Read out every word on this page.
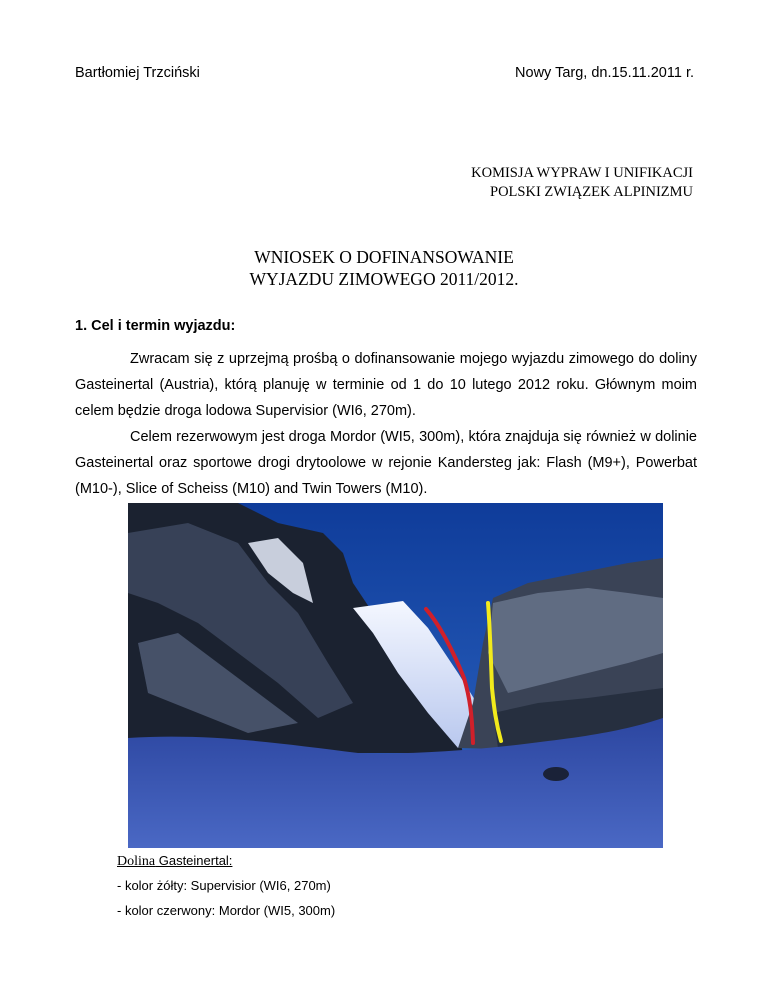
Bartłomiej Trzciński	Nowy Targ, dn.15.11.2011 r.
KOMISJA WYPRAW I UNIFIKACJI
POLSKI ZWIĄZEK ALPINIZMU
WNIOSEK O DOFINANSOWANIE
WYJAZDU ZIMOWEGO 2011/2012.
1. Cel i termin wyjazdu:
Zwracam się z uprzejmą prośbą o dofinansowanie mojego wyjazdu zimowego do doliny Gasteinertal (Austria), którą planuję w terminie od 1 do 10 lutego 2012 roku. Głównym moim celem będzie droga lodowa Supervisior (WI6, 270m).
Celem rezerwowym jest droga Mordor (WI5, 300m), która znajduja się również w dolinie Gasteinertal oraz sportowe drogi drytoolowe w rejonie Kandersteg jak: Flash (M9+), Powerbat (M10-), Slice of Scheiss (M10) and Twin Towers (M10).
Dolina Gasteinertal:
- kolor żółty: Supervisior (WI6, 270m)
- kolor czerwony: Mordor (WI5, 300m)
